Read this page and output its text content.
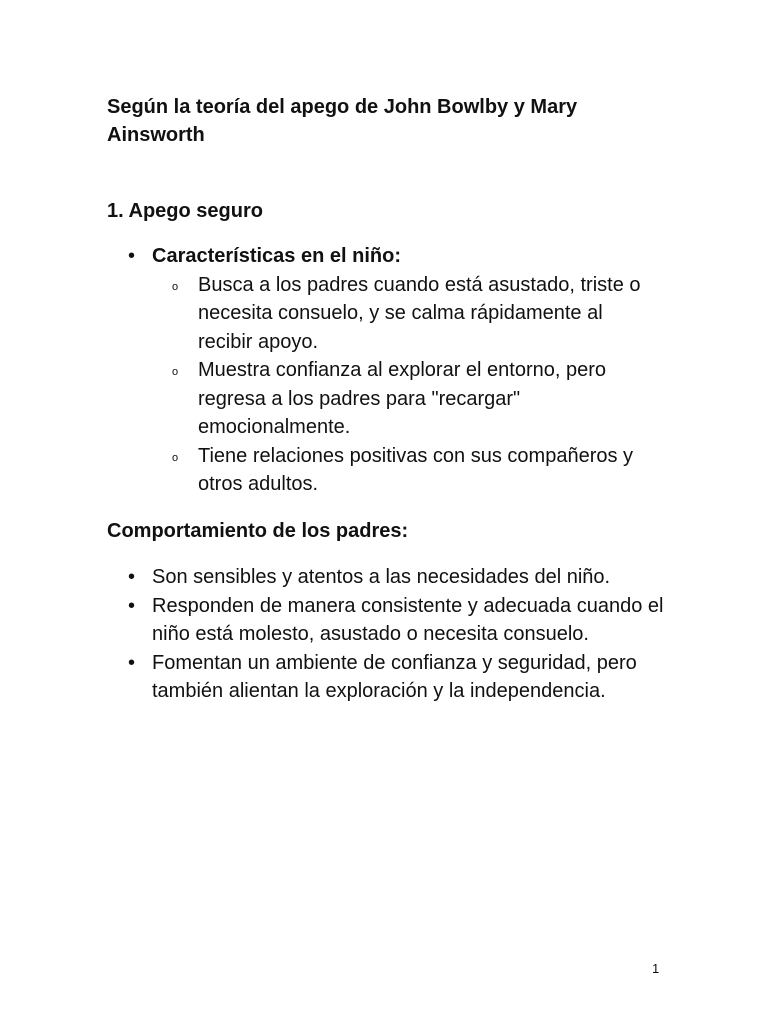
Según la teoría del apego de John Bowlby y Mary Ainsworth
1. Apego seguro
• Características en el niño:
o Busca a los padres cuando está asustado, triste o necesita consuelo, y se calma rápidamente al recibir apoyo.
o Muestra confianza al explorar el entorno, pero regresa a los padres para "recargar" emocionalmente.
o Tiene relaciones positivas con sus compañeros y otros adultos.
Comportamiento de los padres:
• Son sensibles y atentos a las necesidades del niño.
• Responden de manera consistente y adecuada cuando el niño está molesto, asustado o necesita consuelo.
• Fomentan un ambiente de confianza y seguridad, pero también alientan la exploración y la independencia.
1
